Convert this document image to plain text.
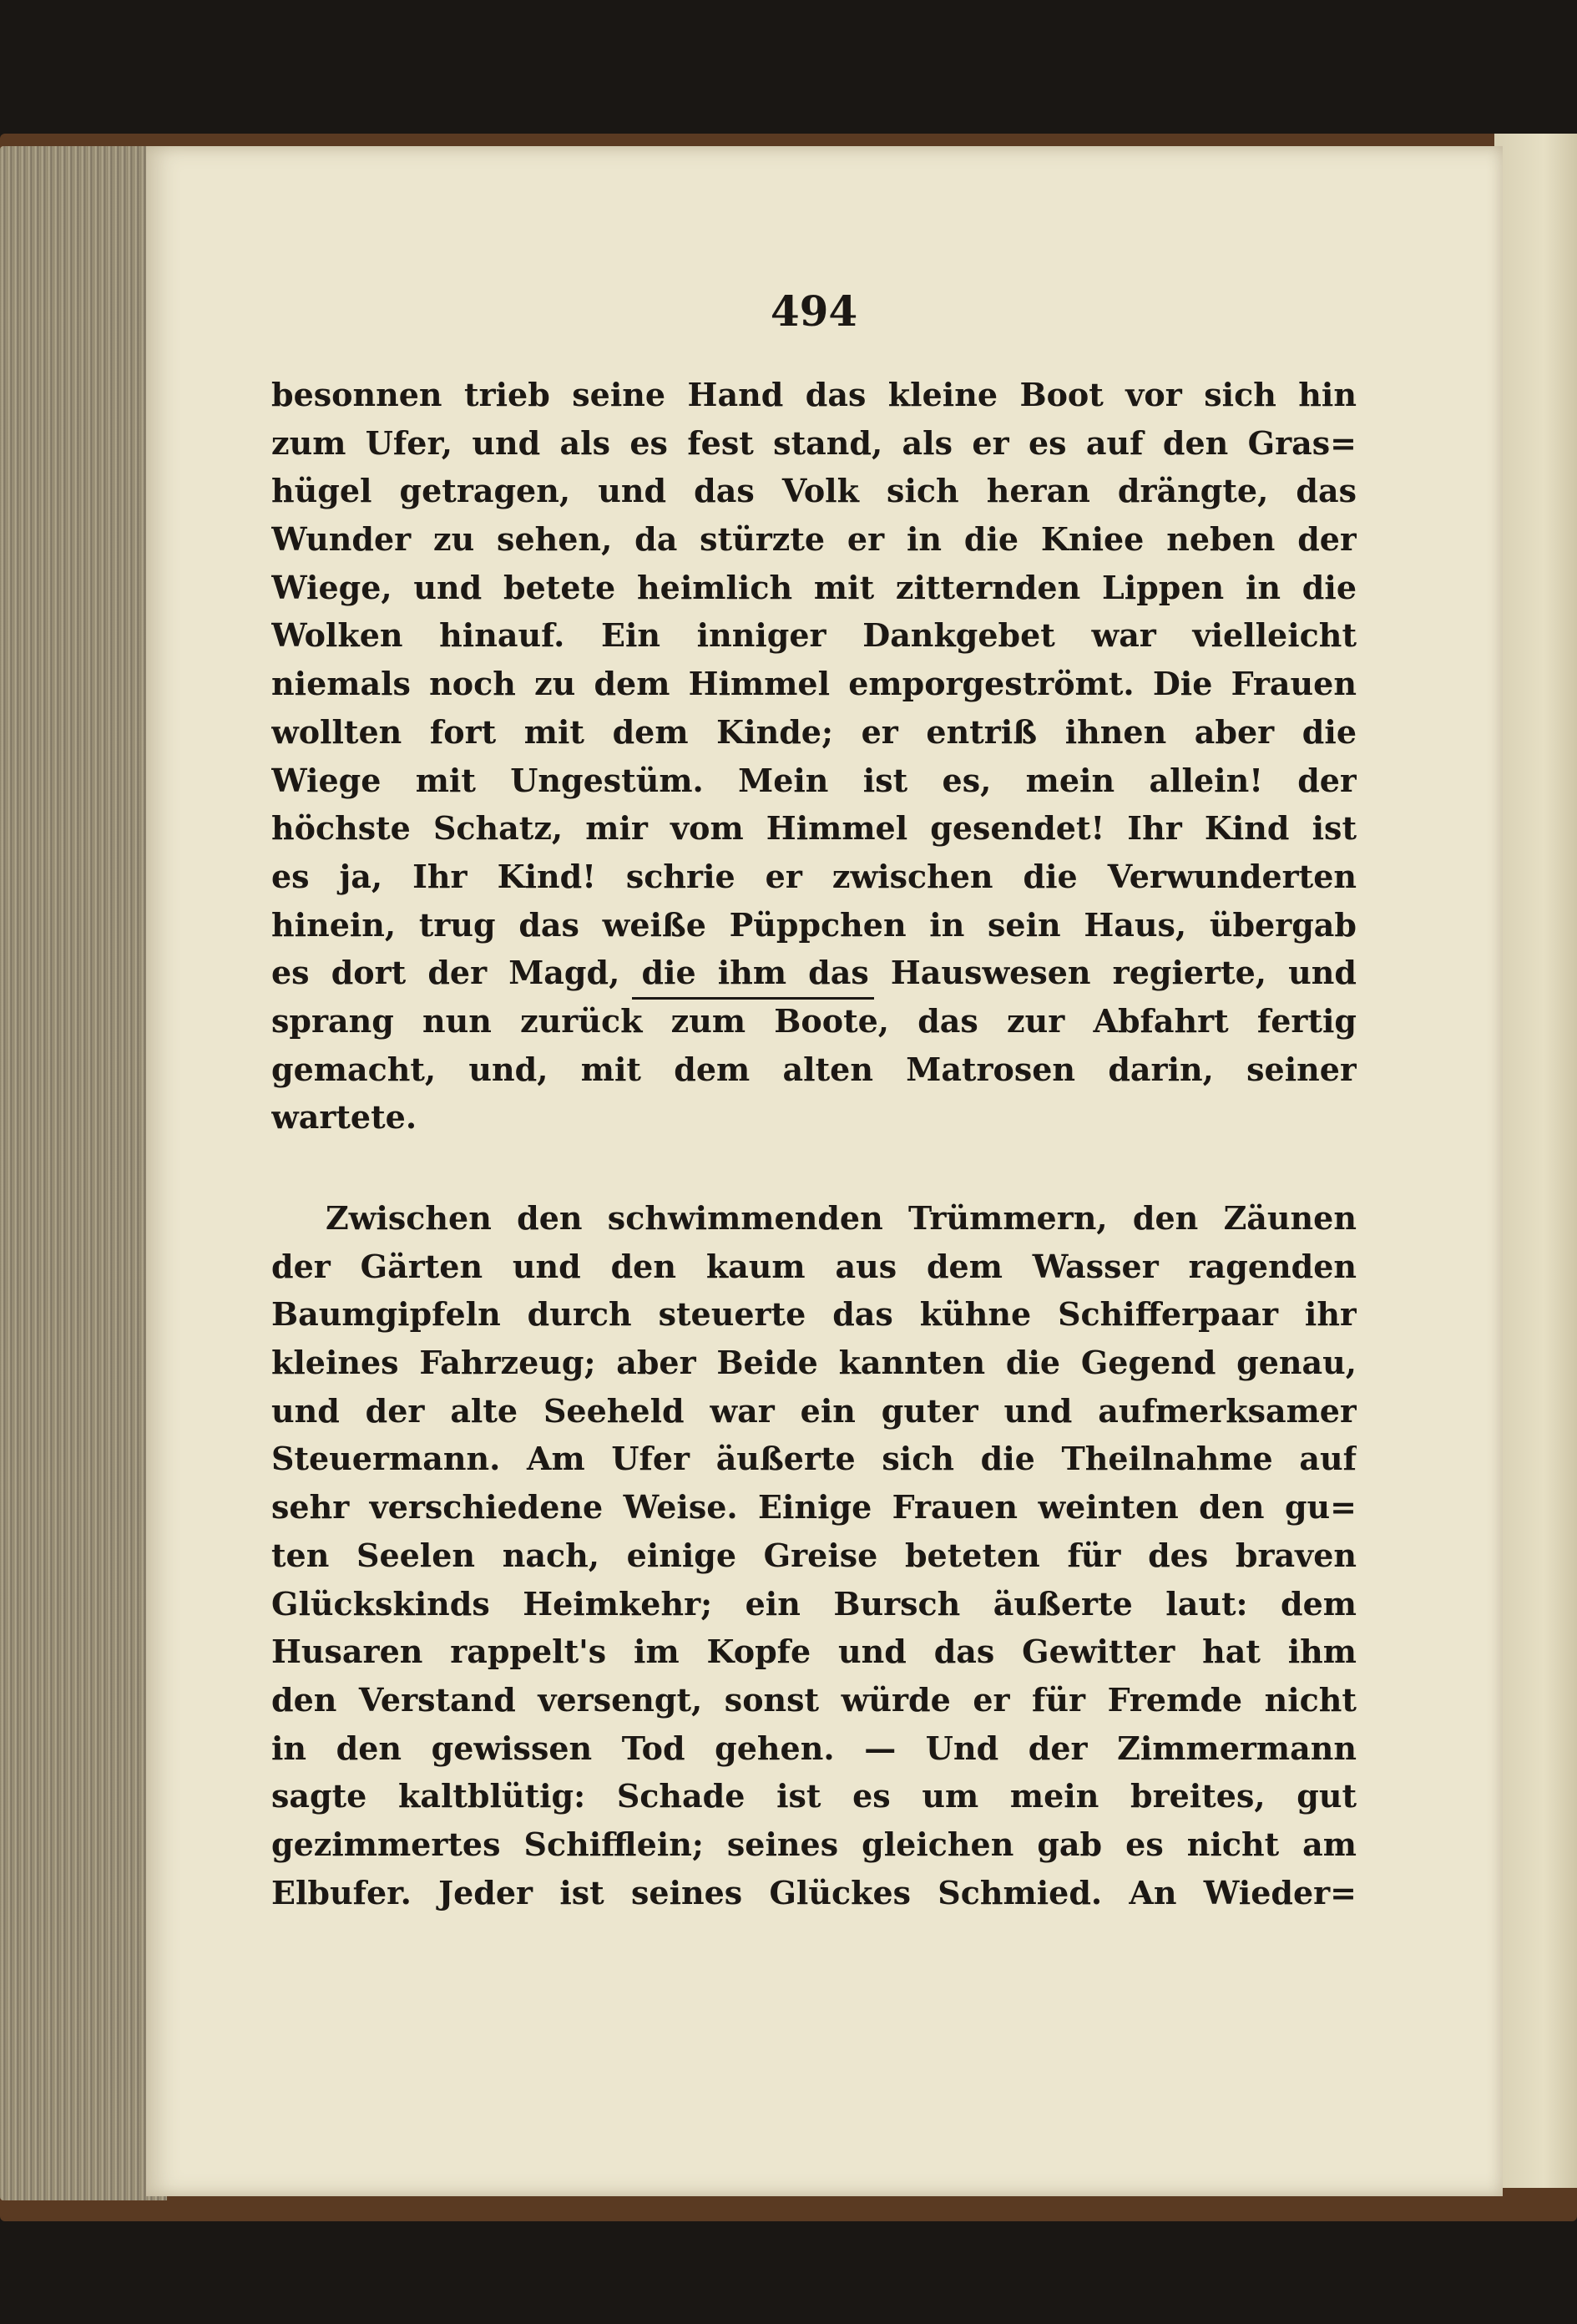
494
besonnen trieb seine Hand das kleine Boot vor sich hin
zum Ufer, und als es fest stand, als er es auf den Gras=
hügel getragen, und das Volk sich heran drängte, das
Wunder zu sehen, da stürzte er in die Kniee neben der
Wiege, und betete heimlich mit zitternden Lippen in die
Wolken hinauf. Ein inniger Dankgebet war vielleicht
niemals noch zu dem Himmel emporgeströmt. Die Frauen
wollten fort mit dem Kinde; er entriß ihnen aber die
Wiege mit Ungestüm. Mein ist es, mein allein! der
höchste Schatz, mir vom Himmel gesendet! Ihr Kind ist
es ja, Ihr Kind! schrie er zwischen die Verwunderten
hinein, trug das weiße Püppchen in sein Haus, übergab
es dort der Magd, die ihm das Hauswesen regierte, und
sprang nun zurück zum Boote, das zur Abfahrt fertig
gemacht, und, mit dem alten Matrosen darin, seiner
wartete.
Zwischen den schwimmenden Trümmern, den Zäunen
der Gärten und den kaum aus dem Wasser ragenden
Baumgipfeln durch steuerte das kühne Schifferpaar ihr
kleines Fahrzeug; aber Beide kannten die Gegend genau,
und der alte Seeheld war ein guter und aufmerksamer
Steuermann. Am Ufer äußerte sich die Theilnahme auf
sehr verschiedene Weise. Einige Frauen weinten den gu=
ten Seelen nach, einige Greise beteten für des braven
Glückskinds Heimkehr; ein Bursch äußerte laut: dem
Husaren rappelt's im Kopfe und das Gewitter hat ihm
den Verstand versengt, sonst würde er für Fremde nicht
in den gewissen Tod gehen. — Und der Zimmermann
sagte kaltblütig: Schade ist es um mein breites, gut
gezimmertes Schifflein; seines gleichen gab es nicht am
Elbufer. Jeder ist seines Glückes Schmied. An Wieder=
